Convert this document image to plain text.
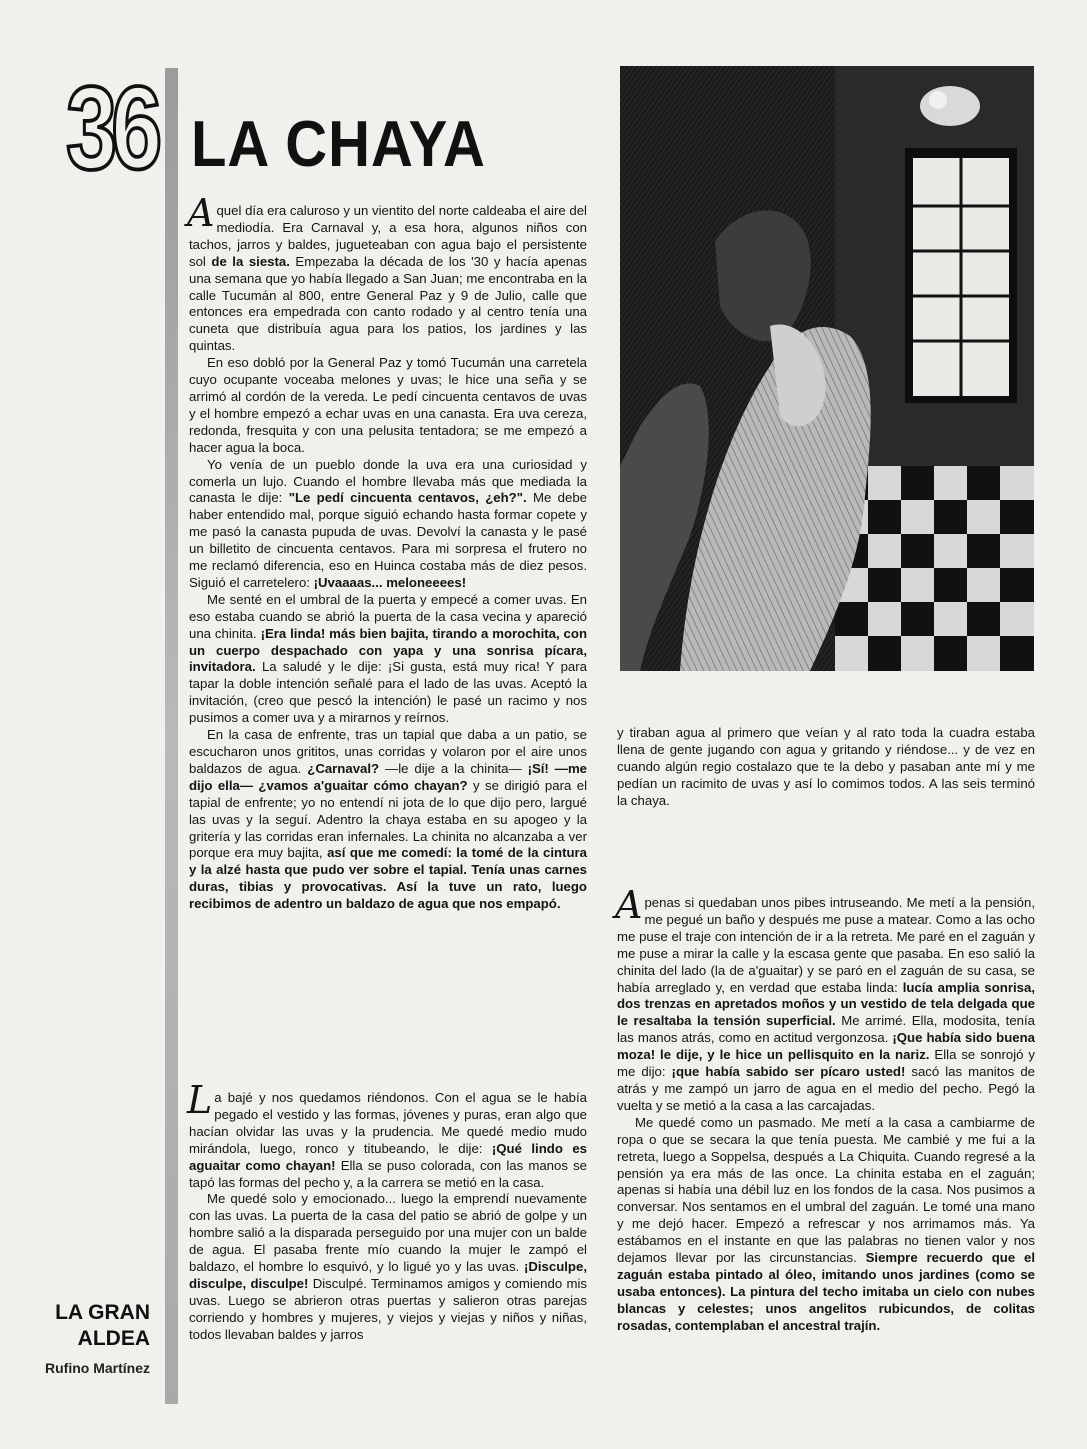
36 LA CHAYA

Aquel día era caluroso y un vientito del norte caldeaba el aire del mediodía. Era Carnaval y, a esa hora, algunos niños con tachos, jarros y baldes, jugueteaban con agua bajo el persistente sol de la siesta. Empezaba la década de los '30 y hacía apenas una semana que yo había llegado a San Juan; me encontraba en la calle Tucumán al 800, entre General Paz y 9 de Julio, calle que entonces era empedrada con canto rodado y al centro tenía una cuneta que distribuía agua para los patios, los jardines y las quintas.

En eso dobló por la General Paz y tomó Tucumán una carretela cuyo ocupante voceaba melones y uvas; le hice una seña y se arrimó al cordón de la vereda. Le pedí cincuenta centavos de uvas y el hombre empezó a echar uvas en una canasta. Era uva cereza, redonda, fresquita y con una pelusita tentadora; se me empezó a hacer agua la boca.

Yo venía de un pueblo donde la uva era una curiosidad y comerla un lujo. Cuando el hombre llevaba más que mediada la canasta le dije: "Le pedí cincuenta centavos, ¿eh?". Me debe haber entendido mal, porque siguió echando hasta formar copete y me pasó la canasta pupuda de uvas. Devolví la canasta y le pasé un billetito de cincuenta centavos. Para mi sorpresa el frutero no me reclamó diferencia, eso en Huinca costaba más de diez pesos. Siguió el carretelero: ¡Uvaaaas... meloneeees!

Me senté en el umbral de la puerta y empecé a comer uvas. En eso estaba cuando se abrió la puerta de la casa vecina y apareció una chinita. ¡Era linda! más bien bajita, tirando a morochita, con un cuerpo despachado con yapa y una sonrisa pícara, invitadora. La saludé y le dije: ¡Si gusta, está muy rica! Y para tapar la doble intención señalé para el lado de las uvas. Aceptó la invitación, (creo que pescó la intención) le pasé un racimo y nos pusimos a comer uva y a mirarnos y reírnos.

En la casa de enfrente, tras un tapial que daba a un patio, se escucharon unos grititos, unas corridas y volaron por el aire unos baldazos de agua. ¿Carnaval? —le dije a la chinita— ¡Sí! —me dijo ella— ¿vamos a'guaitar cómo chayan? y se dirigió para el tapial de enfrente; yo no entendí ni jota de lo que dijo pero, largué las uvas y la seguí. Adentro la chaya estaba en su apogeo y la gritería y las corridas eran infernales. La chinita no alcanzaba a ver porque era muy bajita, así que me comedí: la tomé de la cintura y la alzé hasta que pudo ver sobre el tapial. Tenía unas carnes duras, tibias y provocativas. Así la tuve un rato, luego recibimos de adentro un baldazo de agua que nos empapó.

La bajé y nos quedamos riéndonos. Con el agua se le había pegado el vestido y las formas, jóvenes y puras, eran algo que hacían olvidar las uvas y la prudencia. Me quedé medio mudo mirándola, luego, ronco y titubeando, le dije: ¡Qué lindo es aguaitar como chayan! Ella se puso colorada, con las manos se tapó las formas del pecho y, a la carrera se metió en la casa.

Me quedé solo y emocionado... luego la emprendí nuevamente con las uvas. La puerta de la casa del patio se abrió de golpe y un hombre salió a la disparada perseguido por una mujer con un balde de agua. El pasaba frente mío cuando la mujer le zampó el baldazo, el hombre lo esquivó, y lo ligué yo y las uvas. ¡Disculpe, disculpe, disculpe! Disculpé. Terminamos amigos y comiendo mis uvas. Luego se abrieron otras puertas y salieron otras parejas corriendo y hombres y mujeres, y viejos y viejas y niños y niñas, todos llevaban baldes y jarros

y tiraban agua al primero que veían y al rato toda la cuadra estaba llena de gente jugando con agua y gritando y riéndose... y de vez en cuando algún regio costalazo que te la debo y pasaban ante mí y me pedían un racimito de uvas y así lo comimos todos. A las seis terminó la chaya.

Apenas si quedaban unos pibes intruseando. Me metí a la pensión, me pegué un baño y después me puse a matear. Como a las ocho me puse el traje con intención de ir a la retreta. Me paré en el zaguán y me puse a mirar la calle y la escasa gente que pasaba. En eso salió la chinita del lado (la de a'guaitar) y se paró en el zaguán de su casa, se había arreglado y, en verdad que estaba linda: lucía amplia sonrisa, dos trenzas en apretados moños y un vestido de tela delgada que le resaltaba la tensión superficial. Me arrimé. Ella, modosita, tenía las manos atrás, como en actitud vergonzosa. ¡Que había sido buena moza! le dije, y le hice un pellisquito en la nariz. Ella se sonrojó y me dijo: ¡que había sabido ser pícaro usted! sacó las manitos de atrás y me zampó un jarro de agua en el medio del pecho. Pegó la vuelta y se metió a la casa a las carcajadas.

Me quedé como un pasmado. Me metí a la casa a cambiarme de ropa o que se secara la que tenía puesta. Me cambié y me fui a la retreta, luego a Soppelsa, después a La Chiquita. Cuando regresé a la pensión ya era más de las once. La chinita estaba en el zaguán; apenas si había una débil luz en los fondos de la casa. Nos pusimos a conversar. Nos sentamos en el umbral del zaguán. Le tomé una mano y me dejó hacer. Empezó a refrescar y nos arrimamos más. Ya estábamos en el instante en que las palabras no tienen valor y nos dejamos llevar por las circunstancias. Siempre recuerdo que el zaguán estaba pintado al óleo, imitando unos jardines (como se usaba entonces). La pintura del techo imitaba un cielo con nubes blancas y celestes; unos angelitos rubicundos, de colitas rosadas, contemplaban el ancestral trajín.

LA GRAN
ALDEA
Rufino Martínez
